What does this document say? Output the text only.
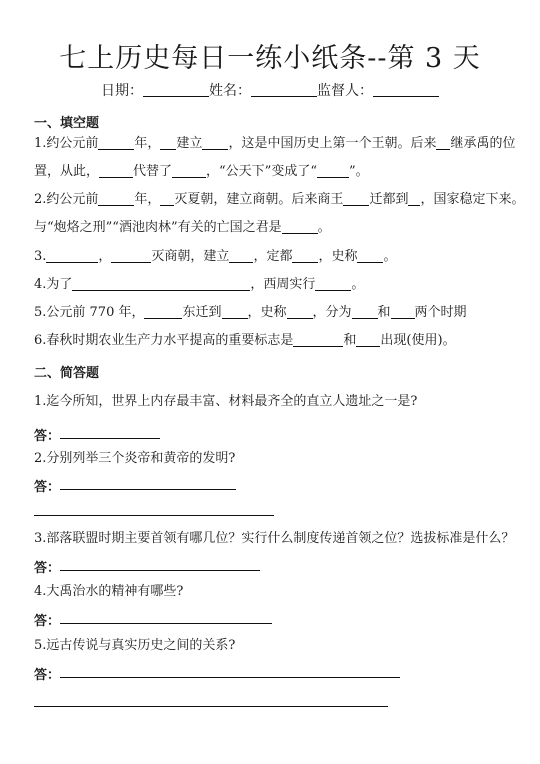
七上历史每日一练小纸条--第 3 天
日期：	姓名：	监督人：
一、填空题
1.约公元前	年， 建立 ，这是中国历史上第一个王朝。后来 继承禹的位
置，从此，	代替了	，“公天下”变成了“ ”。
2.约公元前	年， 灭夏朝，建立商朝。后来商王 迁都到 ，国家稳定下来。
与“炮烙之刑”“酒池肉林”有关的亡国之君是	。
3.	，	灭商朝，建立 ，定都 ，史称 。
4.为了	，西周实行	。
5.公元前 770 年，	东迁到 ，史称 ，分为 和 两个时期
6.春秋时期农业生产力水平提高的重要标志是	和 出现(使用)。
二、简答题
1.迄今所知，世界上内存最丰富、材料最齐全的直立人遗址之一是?
答：
2.分别列举三个炎帝和黄帝的发明?
答：
3.部落联盟时期主要首领有哪几位？实行什么制度传递首领之位？选拔标准是什么？
答：
4.大禹治水的精神有哪些?
答：
5.远古传说与真实历史之间的关系?
答：
